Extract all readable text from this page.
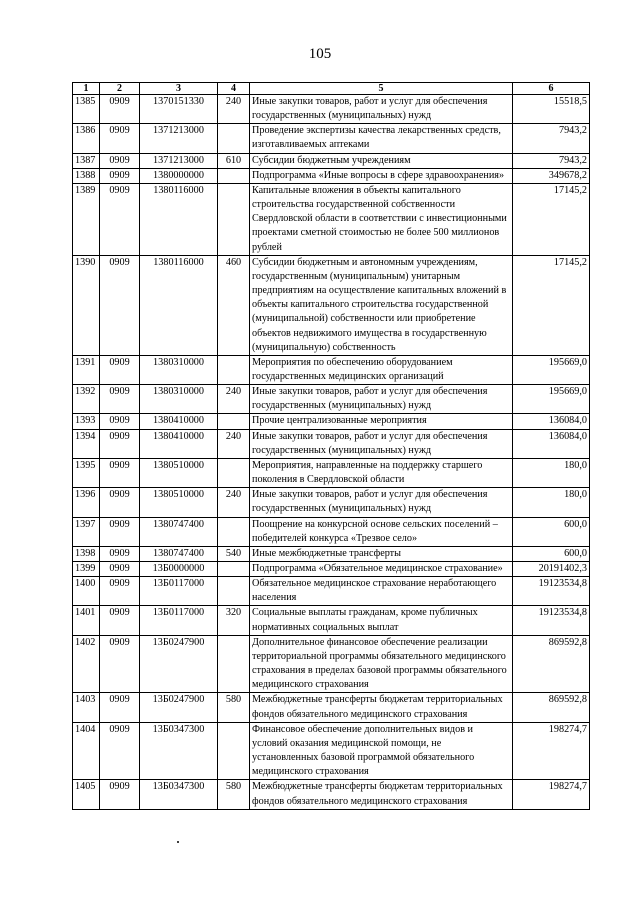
105
1	2	3	4	5	6
1385	0909	1370151330	240	Иные закупки товаров, работ и услуг для обеспечения государственных (муниципальных) нужд	15518,5
1386	0909	1371213000		Проведение экспертизы качества лекарственных средств, изготавливаемых аптеками	7943,2
1387	0909	1371213000	610	Субсидии бюджетным учреждениям	7943,2
1388	0909	1380000000		Подпрограмма «Иные вопросы в сфере здравоохранения»	349678,2
1389	0909	1380116000		Капитальные вложения в объекты капитального строительства государственной собственности Свердловской области в соответствии с инвестиционными проектами сметной стоимостью не более 500 миллионов рублей	17145,2
1390	0909	1380116000	460	Субсидии бюджетным и автономным учреждениям, государственным (муниципальным) унитарным предприятиям на осуществление капитальных вложений в объекты капитального строительства государственной (муниципальной) собственности или приобретение объектов недвижимого имущества в государственную (муниципальную) собственность	17145,2
1391	0909	1380310000		Мероприятия по обеспечению оборудованием государственных медицинских организаций	195669,0
1392	0909	1380310000	240	Иные закупки товаров, работ и услуг для обеспечения государственных (муниципальных) нужд	195669,0
1393	0909	1380410000		Прочие централизованные мероприятия	136084,0
1394	0909	1380410000	240	Иные закупки товаров, работ и услуг для обеспечения государственных (муниципальных) нужд	136084,0
1395	0909	1380510000		Мероприятия, направленные на поддержку старшего поколения в Свердловской области	180,0
1396	0909	1380510000	240	Иные закупки товаров, работ и услуг для обеспечения государственных (муниципальных) нужд	180,0
1397	0909	1380747400		Поощрение на конкурсной основе сельских поселений – победителей конкурса «Трезвое село»	600,0
1398	0909	1380747400	540	Иные межбюджетные трансферты	600,0
1399	0909	13Б0000000		Подпрограмма «Обязательное медицинское страхование»	20191402,3
1400	0909	13Б0117000		Обязательное медицинское страхование неработающего населения	19123534,8
1401	0909	13Б0117000	320	Социальные выплаты гражданам, кроме публичных нормативных социальных выплат	19123534,8
1402	0909	13Б0247900		Дополнительное финансовое обеспечение реализации территориальной программы обязательного медицинского страхования в пределах базовой программы обязательного медицинского страхования	869592,8
1403	0909	13Б0247900	580	Межбюджетные трансферты бюджетам территориальных фондов обязательного медицинского страхования	869592,8
1404	0909	13Б0347300		Финансовое обеспечение дополнительных видов и условий оказания медицинской помощи, не установленных базовой программой обязательного медицинского страхования	198274,7
1405	0909	13Б0347300	580	Межбюджетные трансферты бюджетам территориальных фондов обязательного медицинского страхования	198274,7
